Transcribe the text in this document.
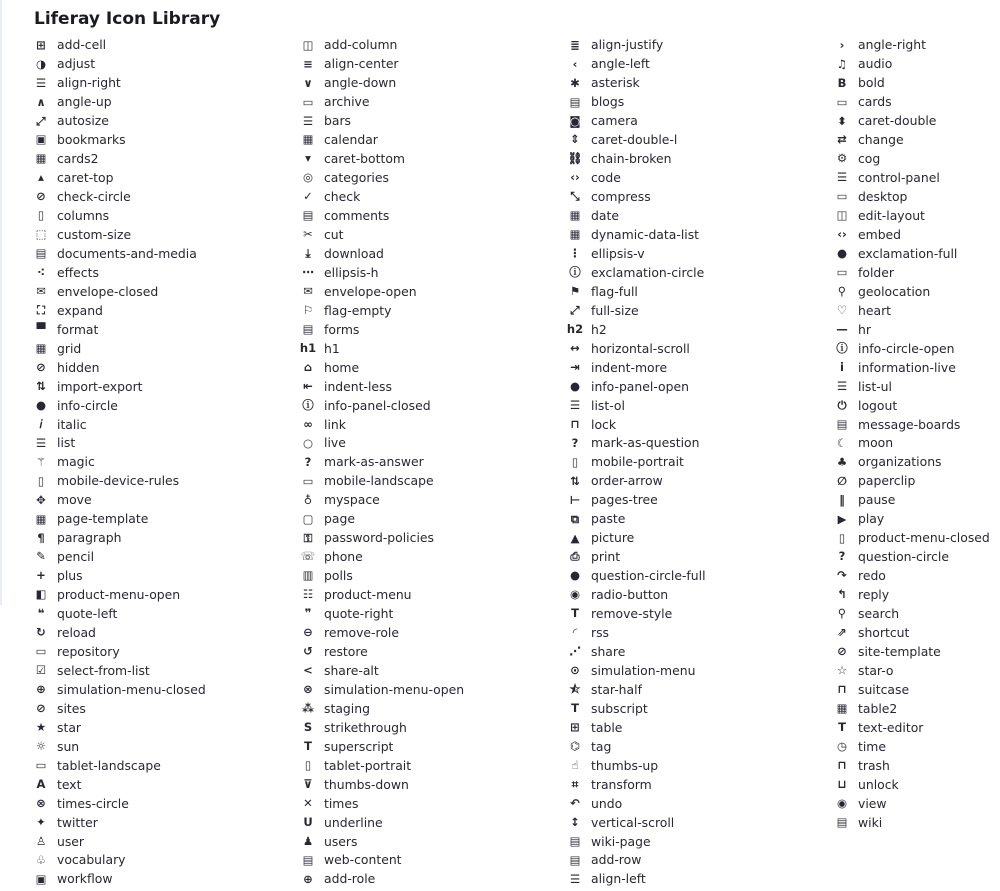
Liferay Icon Library
⊞ add-cell
◑ adjust
☰ align-right
∧ angle-up
⤢ autosize
▣ bookmarks
▦ cards2
▴	caret-top
⊘ check-circle
▯	columns
⬚ custom-size
▤ documents-and-media
⁖ effects
✉ envelope-closed
⛶ expand
▀ format
▦ grid
⊘ hidden
⇅ import-export
● info-circle
𝑖	italic
☰ list
⚚ magic
▯	mobile-device-rules
✥ move
▦ page-template
¶ paragraph
✎ pencil
+ plus
◧ product-menu-open
❝ quote-left
↻ reload
▭ repository
☑ select-from-list
⊕ simulation-menu-closed
⊘ sites
★ star
☼ sun
▭ tablet-landscape
A text
⊗ times-circle
✦ twitter
♙ user
♧ vocabulary
▣ workflow
◫ add-column
≡ align-center
∨ angle-down
▭ archive
☰ bars
▦ calendar
▾	caret-bottom
◎ categories
✓ check
▤ comments
✂ cut
⤓	download
⋯ ellipsis-h
✉ envelope-open
⚐ flag-empty
▤ forms
h1 h1
⌂ home
⇤ indent-less
ⓘ info-panel-closed
∞ link
○ live
? mark-as-answer
▭ mobile-landscape
♁ myspace
▢ page
⚿ password-policies
☏ phone
▥ polls
☷ product-menu
❞ quote-right
⊖ remove-role
↺ restore
< share-alt
⊗ simulation-menu-open
⁂ staging
S strikethrough
T superscript
▯	tablet-portrait
⊽ thumbs-down
✕ times
U underline
♟ users
▤ web-content
⊕ add-role
≣ align-justify
‹	angle-left
✱ asterisk
▤ blogs
◙ camera
⇕ caret-double-l
⛓ chain-broken
‹› code
⤡ compress
▦ date
▦ dynamic-data-list
⋮ ellipsis-v
ⓘ exclamation-circle
⚑ flag-full
⤢ full-size
h2 h2
↔ horizontal-scroll
⇥ indent-more
● info-panel-open
☰ list-ol
⊓ lock
? mark-as-question
▯	mobile-portrait
⇅ order-arrow
⊢ pages-tree
⧉ paste
▲ picture
⎙ print
● question-circle-full
◉ radio-button
T remove-style
◜	rss
⋰ share
⊙ simulation-menu
⯪ star-half
T subscript
⊞ table
⌬ tag
☝ thumbs-up
⌗	transform
↶ undo
↕ vertical-scroll
▤ wiki-page
▤ add-row
☰ align-left
›	angle-right
♫ audio
B bold
▭ cards
⬍ caret-double
⇄ change
⚙ cog
☰ control-panel
▭ desktop
◫ edit-layout
‹› embed
● exclamation-full
▭ folder
⚲ geolocation
♡ heart
— hr
ⓘ info-circle-open
i	information-live
☰ list-ul
⏻ logout
▤ message-boards
☾ moon
♣ organizations
∅ paperclip
‖	pause
▶ play
▯	product-menu-closed
? question-circle
↷ redo
↰ reply
⚲ search
⇗ shortcut
⊘ site-template
☆ star-o
⊓ suitcase
▦ table2
T text-editor
◷ time
⊓ trash
⊔ unlock
◉ view
▤ wiki
